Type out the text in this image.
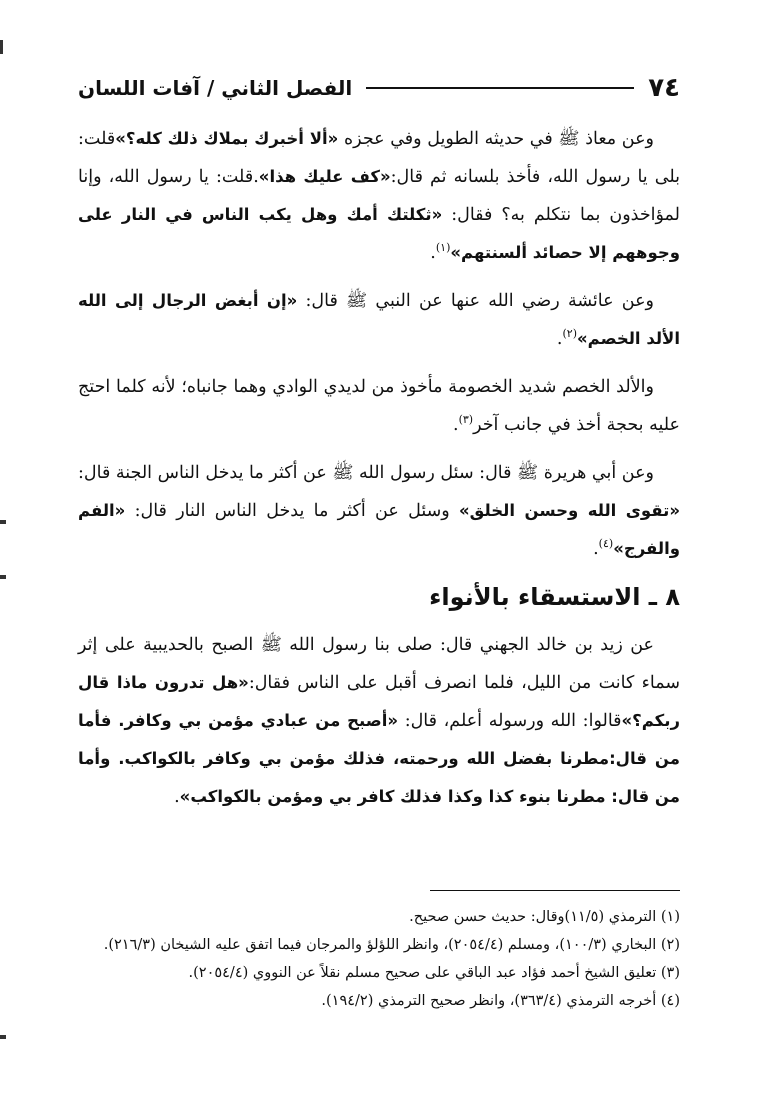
٧٤
الفصل الثاني / آفات اللسان

وعن معاذ ﷺ في حديثه الطويل وفي عجزه «ألا أخبرك بملاك ذلك كله؟»قلت: بلى يا رسول الله، فأخذ بلسانه ثم قال:«كف عليك هذا».قلت: يا رسول الله، وإنا لمؤاخذون بما نتكلم به؟ فقال: «ثكلتك أمك وهل يكب الناس في النار على وجوههم إلا حصائد ألسنتهم»$^{(١)}$.

وعن عائشة رضي الله عنها عن النبي ﷺ قال: «إن أبغض الرجال إلى الله الألد الخصم»$^{(٢)}$.

والألد الخصم شديد الخصومة مأخوذ من لديدي الوادي وهما جانباه؛ لأنه كلما احتج عليه بحجة أخذ في جانب آخر$^{(٣)}$.

وعن أبي هريرة ﷺ قال: سئل رسول الله ﷺ عن أكثر ما يدخل الناس الجنة قال: «تقوى الله وحسن الخلق» وسئل عن أكثر ما يدخل الناس النار قال: «الفم والفرج»$^{(٤)}$.

٨ ـ الاستسقاء بالأنواء

عن زيد بن خالد الجهني قال: صلى بنا رسول الله ﷺ الصبح بالحديبية على إثر سماء كانت من الليل، فلما انصرف أقبل على الناس فقال:«هل تدرون ماذا قال ربكم؟»قالوا: الله ورسوله أعلم، قال: «أصبح من عبادي مؤمن بي وكافر. فأما من قال:مطرنا بفضل الله ورحمته، فذلك مؤمن بي وكافر بالكواكب. وأما من قال: مطرنا بنوء كذا وكذا فذلك كافر بي ومؤمن بالكواكب».

(١) الترمذي (١١/٥)وقال: حديث حسن صحيح.
(٢) البخاري (١٠٠/٣)، ومسلم (٢٠٥٤/٤)، وانظر اللؤلؤ والمرجان فيما اتفق عليه الشيخان (٢١٦/٣).
(٣) تعليق الشيخ أحمد فؤاد عبد الباقي على صحيح مسلم نقلاً عن النووي (٢٠٥٤/٤).
(٤) أخرجه الترمذي (٣٦٣/٤)، وانظر صحيح الترمذي (١٩٤/٢).
